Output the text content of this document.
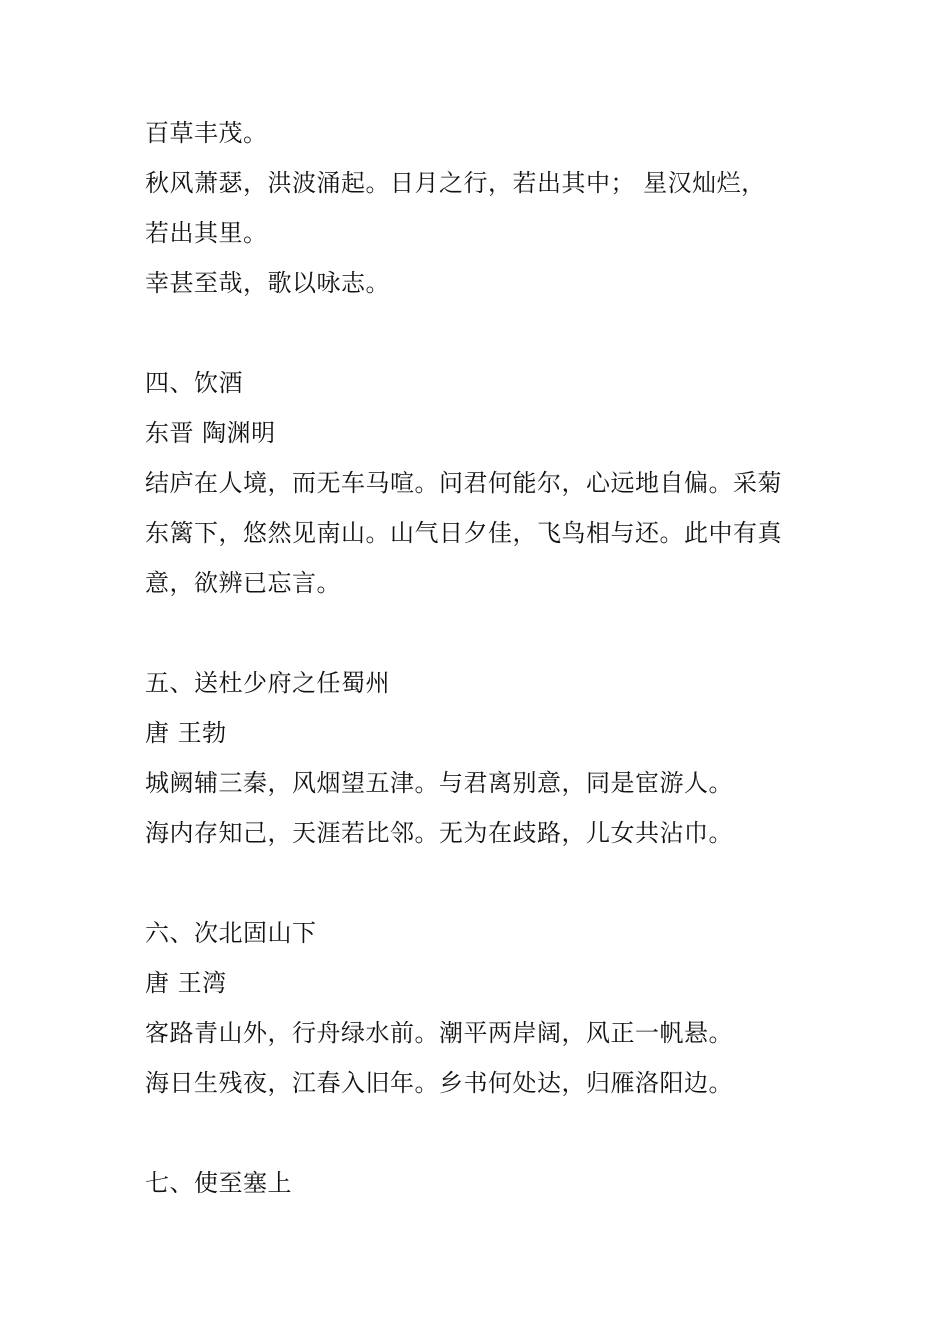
百草丰茂。
秋风萧瑟，洪波涌起。日月之行，若出其中； 星汉灿烂，
若出其里。
幸甚至哉，歌以咏志。
四、饮酒
东晋 陶渊明
结庐在人境，而无车马喧。问君何能尔，心远地自偏。采菊
东篱下，悠然见南山。山气日夕佳，飞鸟相与还。此中有真
意，欲辨已忘言。
五、送杜少府之任蜀州
唐 王勃
城阙辅三秦，风烟望五津。与君离别意，同是宦游人。
海内存知己，天涯若比邻。无为在歧路，儿女共沾巾。
六、次北固山下
唐 王湾
客路青山外，行舟绿水前。潮平两岸阔，风正一帆悬。
海日生残夜，江春入旧年。乡书何处达，归雁洛阳边。
七、使至塞上
